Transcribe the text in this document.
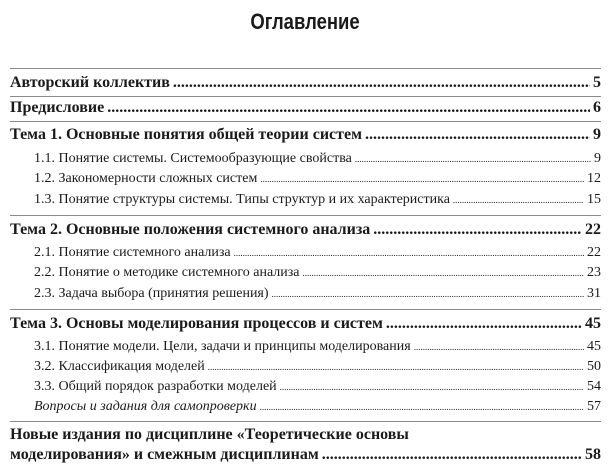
Оглавление
Авторский коллектив .....	5
Предисловие .....	6
Тема 1. Основные понятия общей теории систем .....	9
1.1. Понятие системы. Системообразующие свойства .....	9
1.2. Закономерности сложных систем .....	12
1.3. Понятие структуры системы. Типы структур и их характеристика .....	15
Тема 2. Основные положения системного анализа .....	22
2.1. Понятие системного анализа .....	22
2.2. Понятие о методике системного анализа .....	23
2.3. Задача выбора (принятия решения) .....	31
Тема 3. Основы моделирования процессов и систем .....	45
3.1. Понятие модели. Цели, задачи и принципы моделирования .....	45
3.2. Классификация моделей .....	50
3.3. Общий порядок разработки моделей .....	54
Вопросы и задания для самопроверки .....	57
Новые издания по дисциплине «Теоретические основы
моделирования» и смежным дисциплинам .....	58
